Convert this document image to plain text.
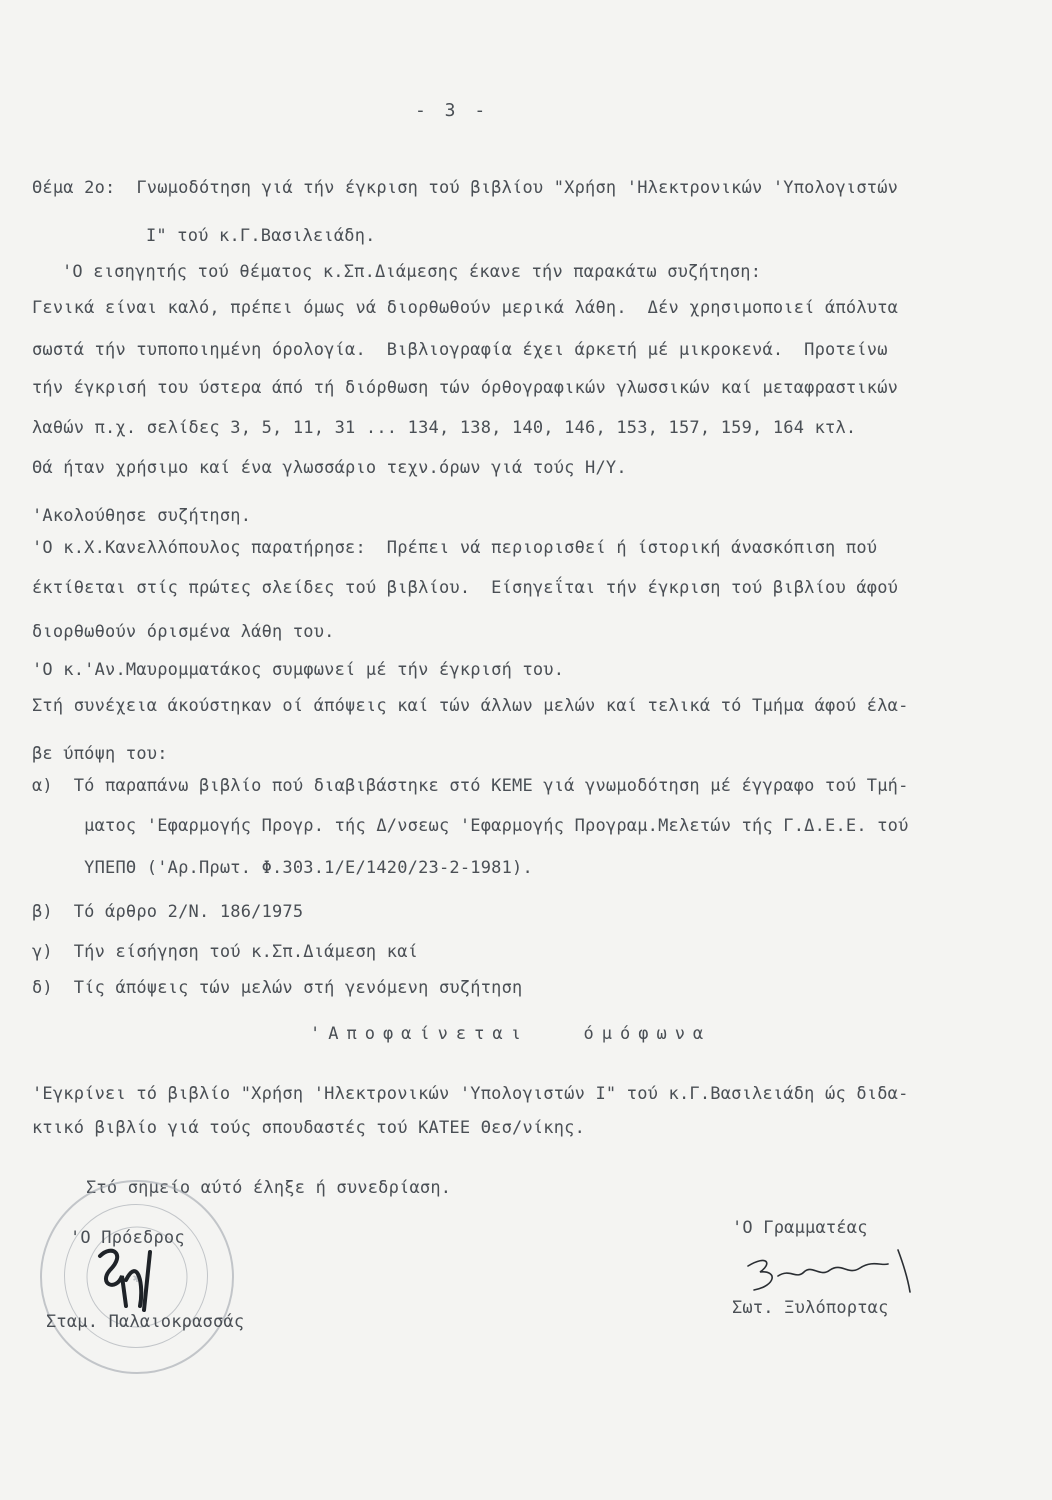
- 3 -
Θέμα 2ο:  Γνωμοδότηση γιά τήν έγκριση τού βιβλίου "Χρήση 'Ηλεκτρονικών 'Υπολογιστών
Ι" τού κ.Γ.Βασιλειάδη.
'Ο εισηγητής τού θέματος κ.Σπ.Διάμεσης έκανε τήν παρακάτω συζήτηση:
Γενικά είναι καλό, πρέπει όμως νά διορθωθούν μερικά λάθη.  Δέν χρησιμοποιεί άπόλυτα
σωστά τήν τυποποιημένη όρολογία.  Βιβλιογραφία έχει άρκετή μέ μικροκενά.  Προτείνω
τήν έγκρισή του ύστερα άπό τή διόρθωση τών όρθογραφικών γλωσσικών καί μεταφραστικών
λαθών π.χ. σελίδες 3, 5, 11, 31 ... 134, 138, 140, 146, 153, 157, 159, 164 κτλ.
Θά ήταν χρήσιμο καί ένα γλωσσάριο τεχν.όρων γιά τούς Η/Υ.
'Ακολούθησε συζήτηση.
'Ο κ.Χ.Κανελλόπουλος παρατήρησε:  Πρέπει νά περιορισθεί ή ίστορική άνασκόπιση πού
έκτίθεται στίς πρώτες σλείδες τού βιβλίου.  Είσηγεΐται τήν έγκριση τού βιβλίου άφού
διορθωθούν όρισμένα λάθη του.
'Ο κ.'Αν.Μαυρομματάκος συμφωνεί μέ τήν έγκρισή του.
Στή συνέχεια άκούστηκαν οί άπόψεις καί τών άλλων μελών καί τελικά τό Τμήμα άφού έλα-
βε ύπόψη του:
α)  Τό παραπάνω βιβλίο πού διαβιβάστηκε στό ΚΕΜΕ γιά γνωμοδότηση μέ έγγραφο τού Τμή-
ματος 'Εφαρμογής Προγρ. τής Δ/νσεως 'Εφαρμογής Προγραμ.Μελετών τής Γ.Δ.Ε.Ε. τού
ΥΠΕΠΘ ('Αρ.Πρωτ. Φ.303.1/Ε/1420/23-2-1981).
β)  Τό άρθρο 2/Ν. 186/1975
γ)  Τήν είσήγηση τού κ.Σπ.Διάμεση καί
δ)  Τίς άπόψεις τών μελών στή γενόμενη συζήτηση
'Αποφαίνεται   όμόφωνα
'Εγκρίνει τό βιβλίο "Χρήση 'Ηλεκτρονικών 'Υπολογιστών Ι" τού κ.Γ.Βασιλειάδη ώς διδα-
κτικό βιβλίο γιά τούς σπουδαστές τού ΚΑΤΕΕ Θεσ/νίκης.
Στό σημείο αύτό έληξε ή συνεδρίαση.
✱
'Ο Πρόεδρος
Σταμ. Παλαιοκρασσάς
'Ο Γραμματέας
Σωτ. Ξυλόπορτας
